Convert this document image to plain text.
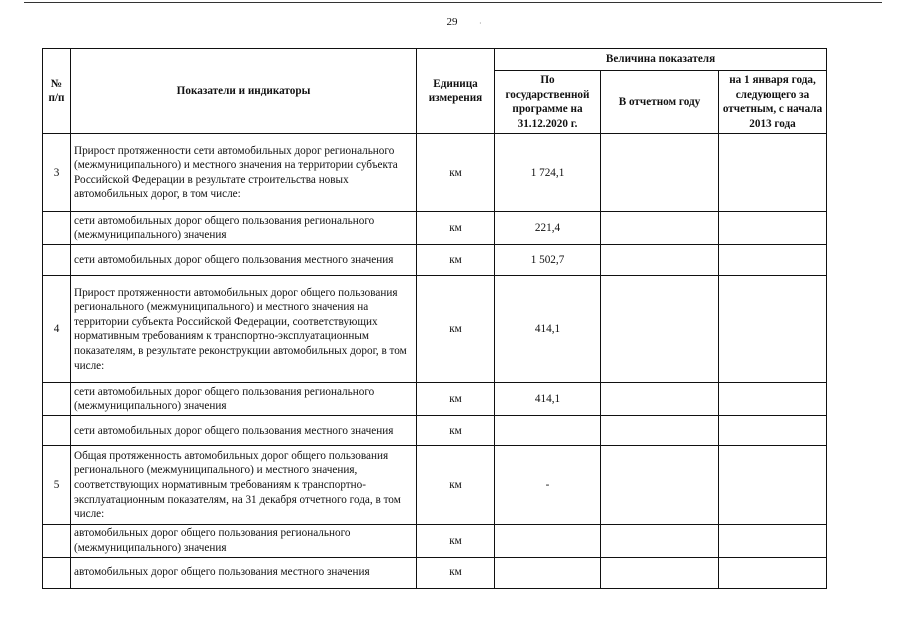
29	·
№ п/п	Показатели и индикаторы	Единица измерения	Величина показателя		
			По государственной программе на 31.12.2020 г.	В отчетном году	на 1 января года, следующего за отчетным, с начала 2013 года
3	Прирост протяженности сети автомобильных дорог регионального (межмуниципального) и местного значения на территории субъекта Российской Федерации в результате строительства новых автомобильных дорог, в том числе:	км	1 724,1		
	сети автомобильных дорог общего пользования регионального (межмуниципального) значения	км	221,4		
	сети автомобильных дорог общего пользования местного значения	км	1 502,7		
4	Прирост протяженности автомобильных дорог общего пользования регионального (межмуниципального) и местного значения на территории субъекта Российской Федерации, соответствующих нормативным требованиям к транспортно-эксплуатационным показателям, в результате реконструкции автомобильных дорог, в том числе:	км	414,1		
	сети автомобильных дорог общего пользования регионального (межмуниципального) значения	км	414,1		
	сети автомобильных дорог общего пользования местного значения	км			
5	Общая протяженность автомобильных дорог общего пользования регионального (межмуниципального) и местного значения, соответствующих нормативным требованиям к транспортно-эксплуатационным показателям, на 31 декабря отчетного года, в том числе:	км	-		
	автомобильных дорог общего пользования регионального (межмуниципального) значения	км			
	автомобильных дорог общего пользования местного значения	км			
